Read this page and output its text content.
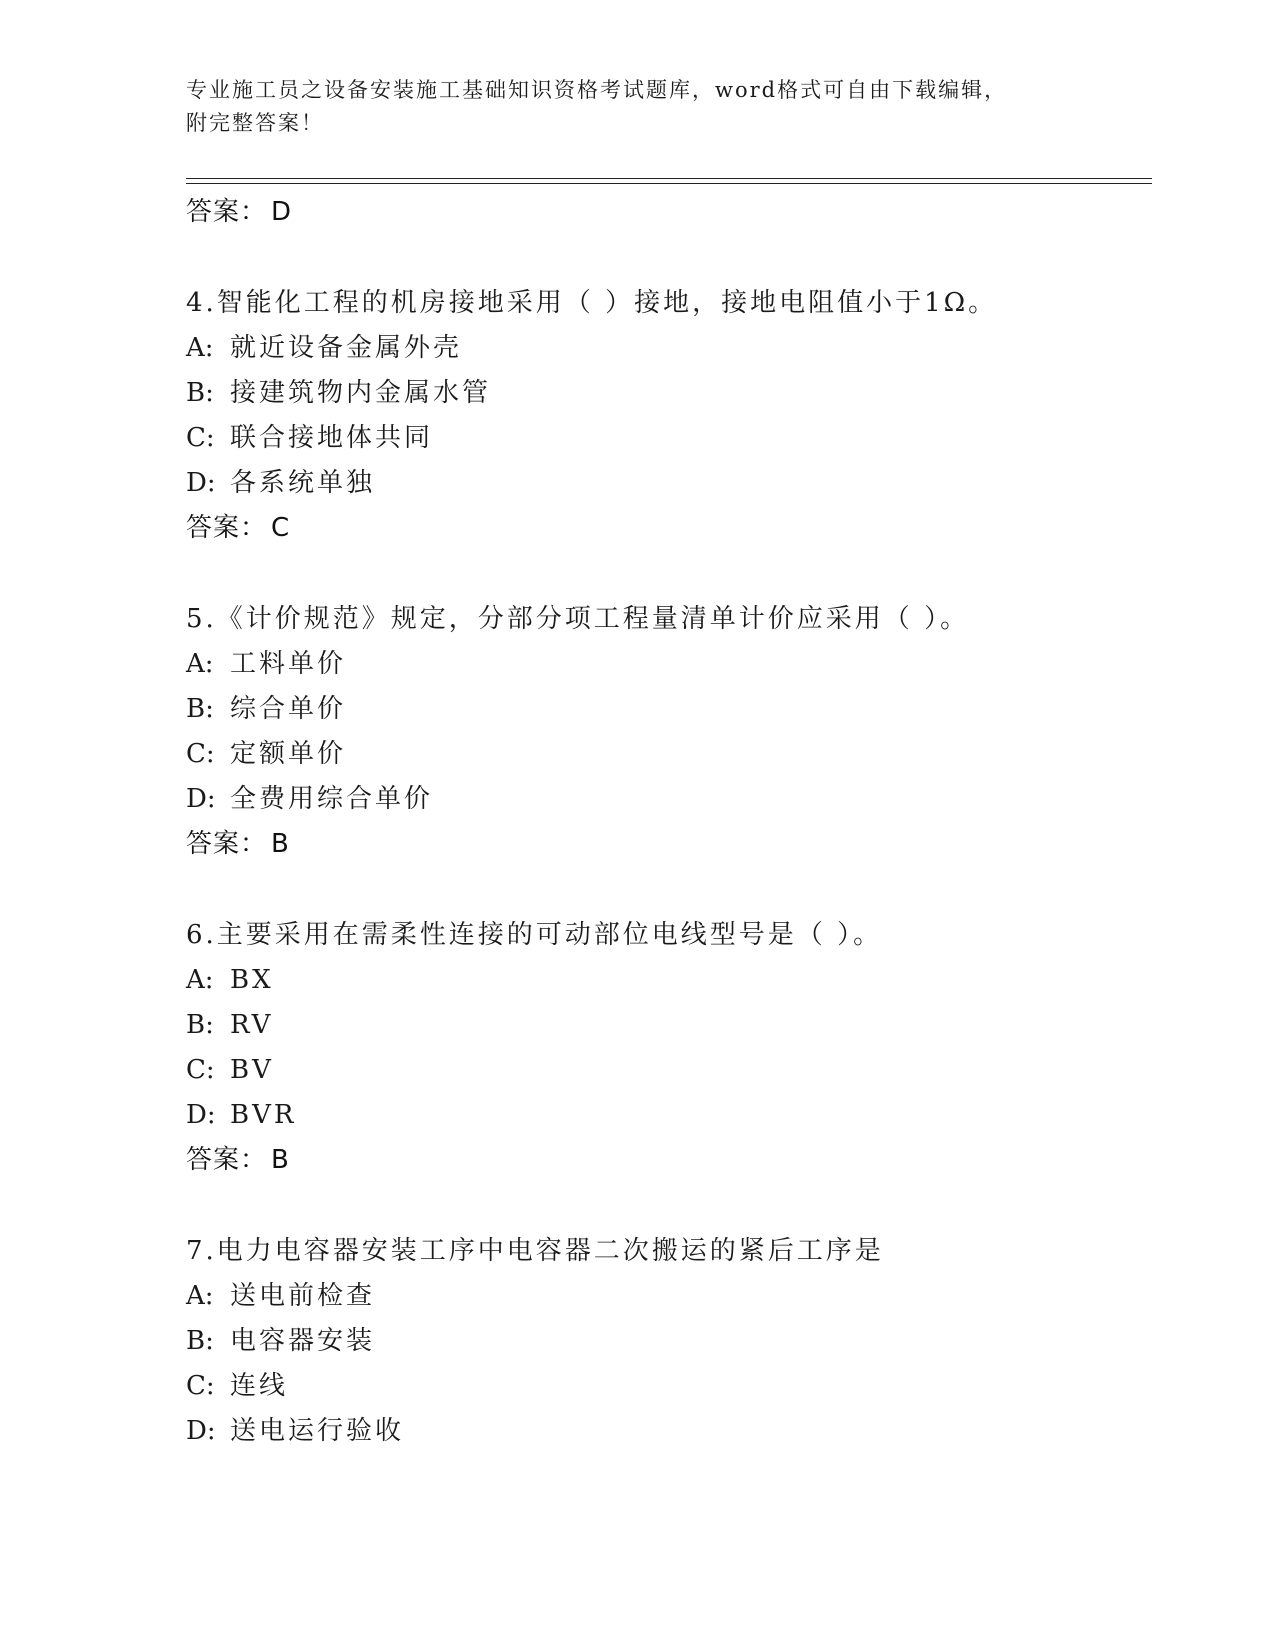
专业施工员之设备安装施工基础知识资格考试题库，word格式可自由下载编辑，
附完整答案！
答案： D
4.智能化工程的机房接地采用（ ）接地，接地电阻值小于1Ω。
A: 就近设备金属外壳
B: 接建筑物内金属水管
C: 联合接地体共同
D: 各系统单独
答案： C
5.《计价规范》规定，分部分项工程量清单计价应采用（ ）。
A: 工料单价
B: 综合单价
C: 定额单价
D: 全费用综合单价
答案： B
6.主要采用在需柔性连接的可动部位电线型号是（ ）。
A: BX
B: RV
C: BV
D: BVR
答案： B
7.电力电容器安装工序中电容器二次搬运的紧后工序是
A: 送电前检查
B: 电容器安装
C: 连线
D: 送电运行验收
